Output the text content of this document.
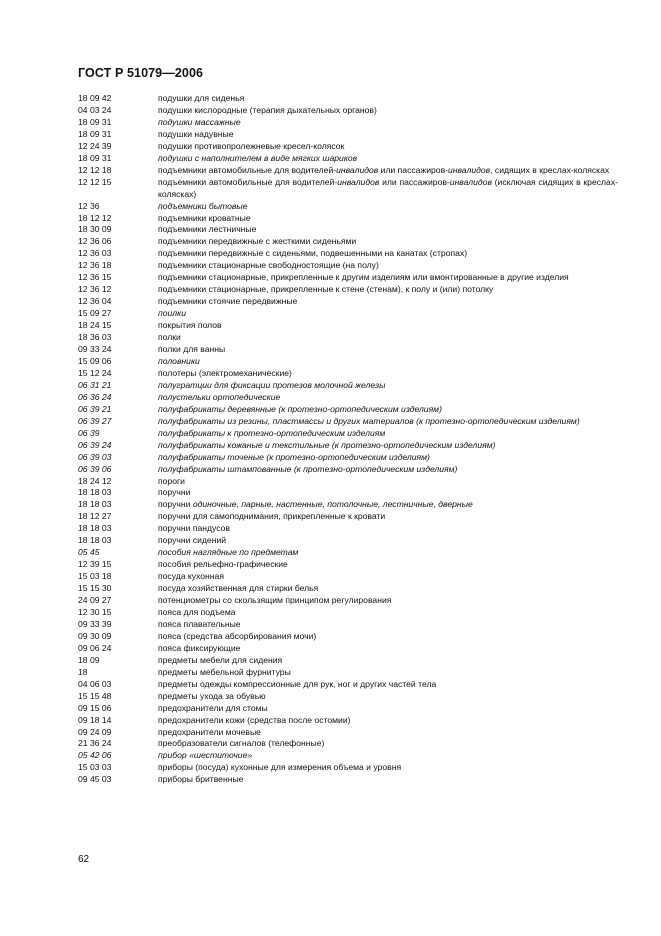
ГОСТ Р 51079—2006
18 09 42	подушки для сиденья
04 03 24	подушки кислородные (терапия дыхательных органов)
18 09 31	подушки массажные
18 09 31	подушки надувные
12 24 39	подушки противопролежневые кресел-колясок
18 09 31	подушки с наполнителем в виде мягких шариков
12 12 18	подъемники автомобильные для водителей-инвалидов или пассажиров-инвалидов, сидящих в креслах-колясках
12 12 15	подъемники автомобильные для водителей-инвалидов или пассажиров-инвалидов (исключая сидящих в креслах-колясках)
12 36	подъемники бытовые
18 12 12	подъемники кроватные
18 30 09	подъемники лестничные
12 36 06	подъемники передвижные с жесткими сиденьями
12 36 03	подъемники передвижные с сиденьями, подвешенными на канатах (стропах)
12 36 18	подъемники стационарные свободностоящие (на полу)
12 36 15	подъемники стационарные, прикрепленные к другим изделиям или вмонтированные в другие изделия
12 36 12	подъемники стационарные, прикрепленные к стене (стенам), к полу и (или) потолку
12 36 04	подъемники стоячие передвижные
15 09 27	поилки
18 24 15	покрытия полов
18 36 03	полки
09 33 24	полки для ванны
15 09 06	половники
15 12 24	полотеры (электромеханические)
06 31 21	полугратции для фиксации протезов молочной железы
06 36 24	полустельки ортопедические
06 39 21	полуфабрикаты деревянные (к протезно-ортопедическим изделиям)
06 39 27	полуфабрикаты из резины, пластмассы и других материалов (к протезно-ортопедическим изделиям)
06 39	полуфабрикаты к протезно-ортопедическим изделиям
06 39 24	полуфабрикаты кожаные и текстильные (к протезно-ортопедическим изделиям)
06 39 03	полуфабрикаты точеные (к протезно-ортопедическим изделиям)
06 39 06	полуфабрикаты штампованные (к протезно-ортопедическим изделиям)
18 24 12	пороги
18 18 03	поручни
18 18 03	поручни одиночные, парные, настенные, потолочные, лестничные, дверные
18 12 27	поручни для самоподнимания, прикрепленные к кровати
18 18 03	поручни пандусов
18 18 03	поручни сидений
05 45	пособия наглядные по предметам
12 39 15	пособия рельефно-графические
15 03 18	посуда кухонная
15 15 30	посуда хозяйственная для стирки белья
24 09 27	потенциометры со скользящим принципом регулирования
12 30 15	пояса для подъема
09 33 39	пояса плавательные
09 30 09	пояса (средства абсорбирования мочи)
09 06 24	пояса фиксирующие
18 09	предметы мебели для сидения
18	предметы мебельной фурнитуры
04 06 03	предметы одежды компрессионные для рук, ног и других частей тела
15 15 48	предметы ухода за обувью
09 15 06	предохранители для стомы
09 18 14	предохранители кожи (средства после остомии)
09 24 09	предохранители мочевые
21 36 24	преобразователи сигналов (телефонные)
05 42 06	прибор «шеститочие»
15 03 03	приборы (посуда) кухонные для измерения объема и уровня
09 45 03	приборы бритвенные
62
